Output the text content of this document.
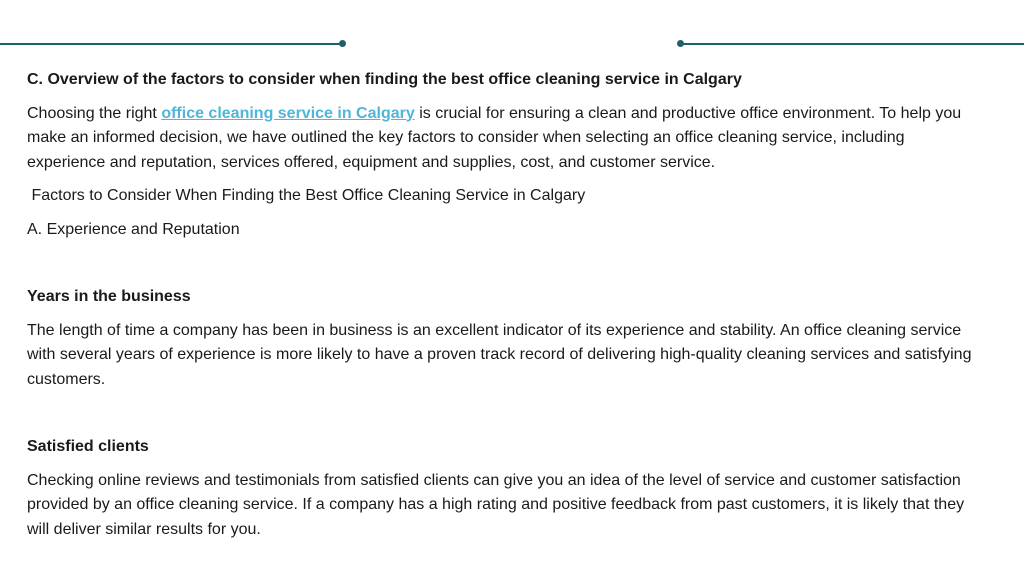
C. Overview of the factors to consider when finding the best office cleaning service in Calgary

Choosing the right office cleaning service in Calgary is crucial for ensuring a clean and productive office environment. To help you make an informed decision, we have outlined the key factors to consider when selecting an office cleaning service, including experience and reputation, services offered, equipment and supplies, cost, and customer service.

Factors to Consider When Finding the Best Office Cleaning Service in Calgary

A. Experience and Reputation

Years in the business

The length of time a company has been in business is an excellent indicator of its experience and stability. An office cleaning service with several years of experience is more likely to have a proven track record of delivering high-quality cleaning services and satisfying customers.

Satisfied clients

Checking online reviews and testimonials from satisfied clients can give you an idea of the level of service and customer satisfaction provided by an office cleaning service. If a company has a high rating and positive feedback from past customers, it is likely that they will deliver similar results for you.
